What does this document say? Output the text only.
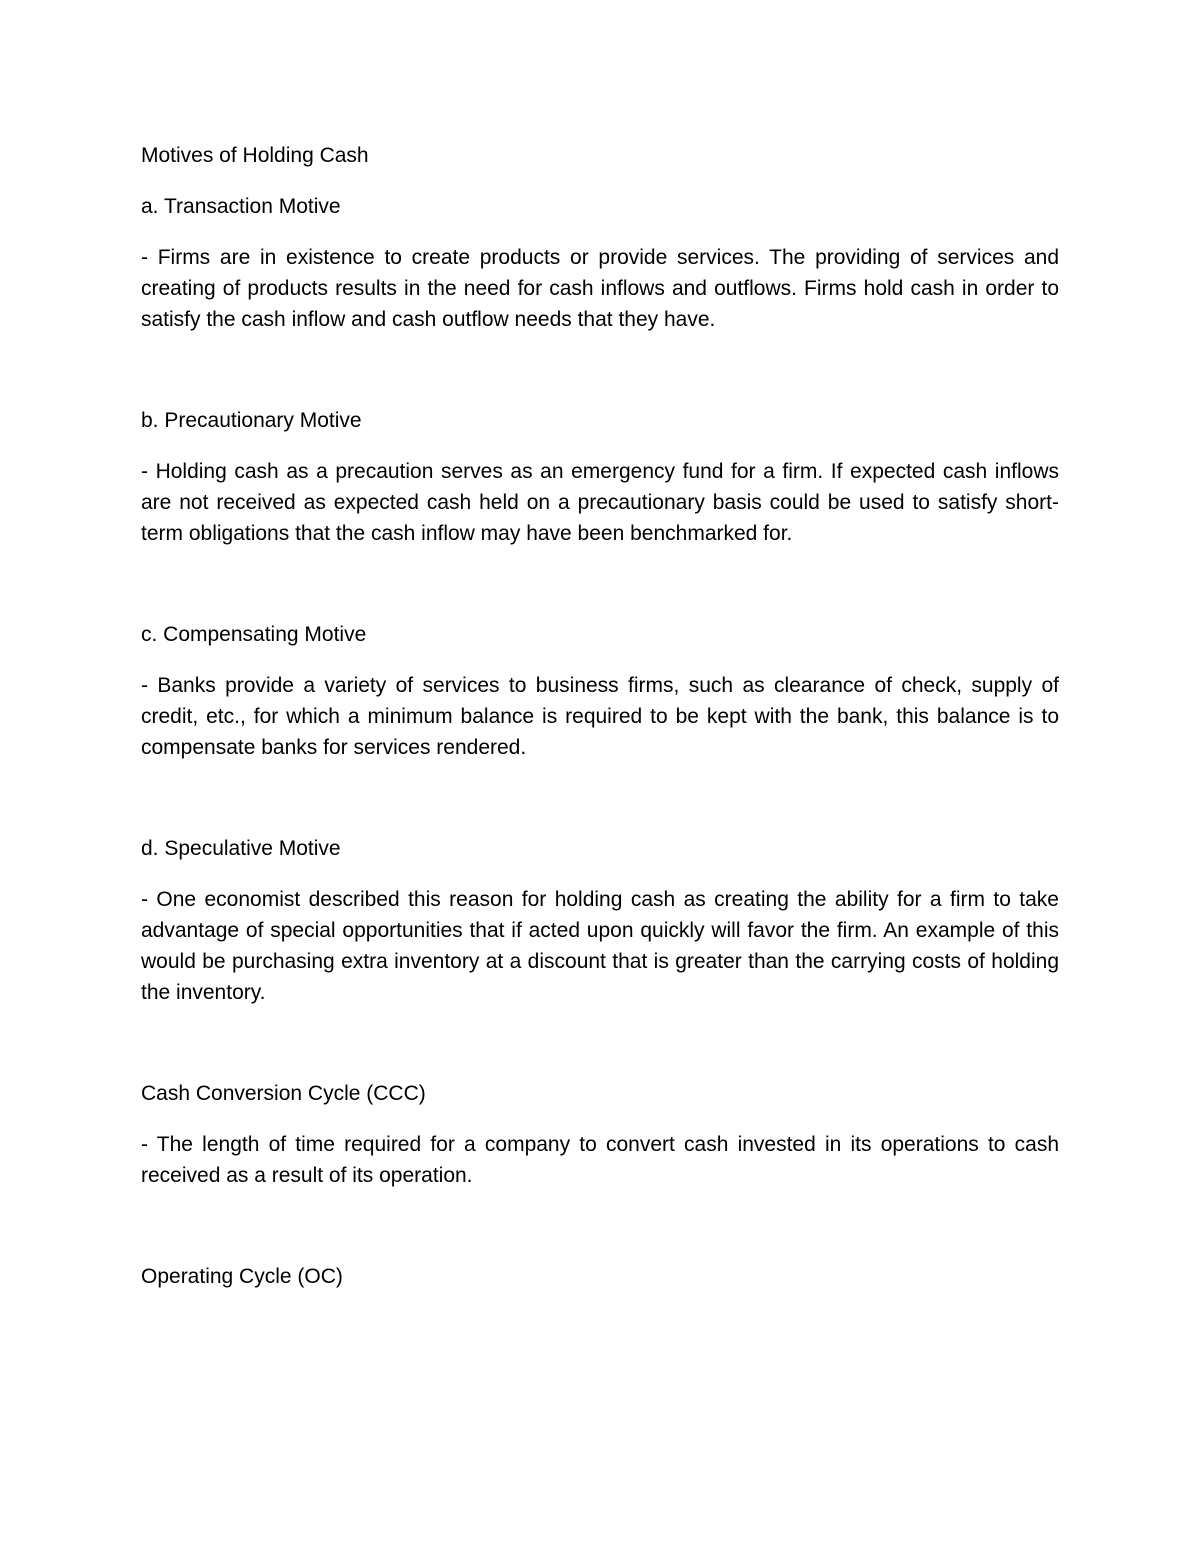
Motives of Holding Cash

a. Transaction Motive

- Firms are in existence to create products or provide services. The providing of services and creating of products results in the need for cash inflows and outflows. Firms hold cash in order to satisfy the cash inflow and cash outflow needs that they have.

b. Precautionary Motive

- Holding cash as a precaution serves as an emergency fund for a firm. If expected cash inflows are not received as expected cash held on a precautionary basis could be used to satisfy short-term obligations that the cash inflow may have been benchmarked for.

c. Compensating Motive

- Banks provide a variety of services to business firms, such as clearance of check, supply of credit, etc., for which a minimum balance is required to be kept with the bank, this balance is to compensate banks for services rendered.

d. Speculative Motive

- One economist described this reason for holding cash as creating the ability for a firm to take advantage of special opportunities that if acted upon quickly will favor the firm. An example of this would be purchasing extra inventory at a discount that is greater than the carrying costs of holding the inventory.

Cash Conversion Cycle (CCC)

- The length of time required for a company to convert cash invested in its operations to cash received as a result of its operation.

Operating Cycle (OC)
